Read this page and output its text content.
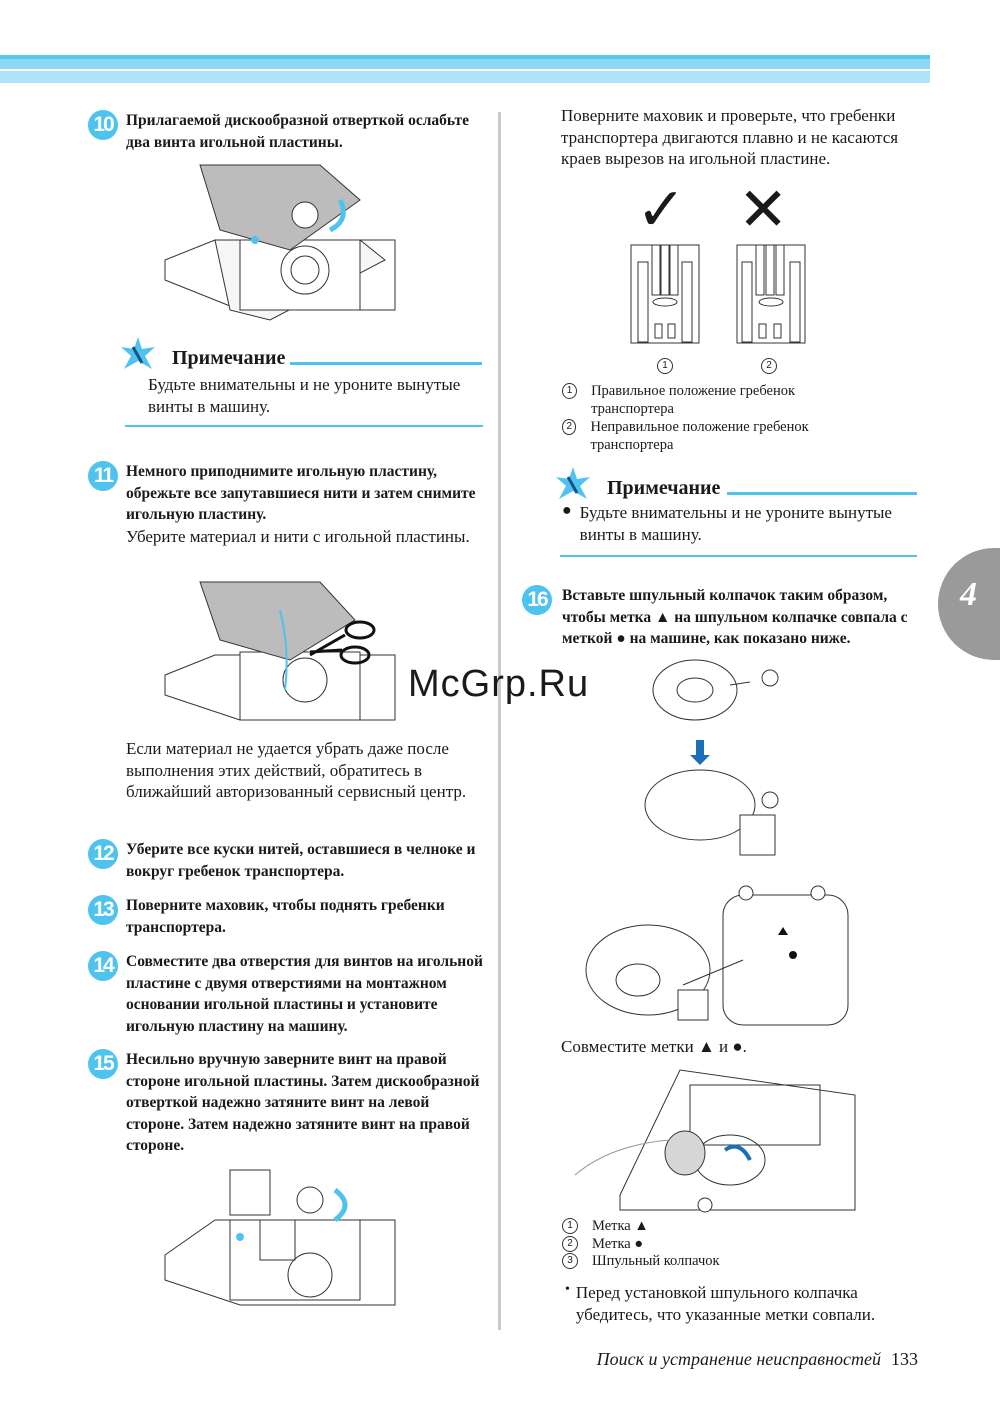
10 Прилагаемой дискообразной отверткой ослабьте два винта игольной пластины.
Примечание
Будьте внимательны и не уроните вынутые винты в машину.
11 Немного приподнимите игольную пластину, обрежьте все запутавшиеся нити и затем снимите игольную пластину.
Уберите материал и нити с игольной пластины.
Если материал не удается убрать даже после выполнения этих действий, обратитесь в ближайший авторизованный сервисный центр.
12 Уберите все куски нитей, оставшиеся в челноке и вокруг гребенок транспортера.
13 Поверните маховик, чтобы поднять гребенки транспортера.
14 Совместите два отверстия для винтов на игольной пластине с двумя отверстиями на монтажном основании игольной пластины и установите игольную пластину на машину.
15 Несильно вручную заверните винт на правой стороне игольной пластины. Затем дискообразной отверткой надежно затяните винт на левой стороне. Затем надежно затяните винт на правой стороне.
Поверните маховик и проверьте, что гребенки транспортера двигаются плавно и не касаются краев вырезов на игольной пластине.
✓ ✕
1	2
1	Правильное положение гребенок транспортера
2	Неправильное положение гребенок транспортера
Примечание
● Будьте внимательны и не уроните вынутые винты в машину.
16 Вставьте шпульный колпачок таким образом, чтобы метка ▲ на шпульном колпачке совпала с меткой ● на машине, как показано ниже.
Совместите метки ▲ и ●.
1	Метка ▲
2	Метка ●
3	Шпульный колпачок
• Перед установкой шпульного колпачка убедитесь, что указанные метки совпали.
4
McGrp.Ru
Поиск и устранение неисправностей 133
